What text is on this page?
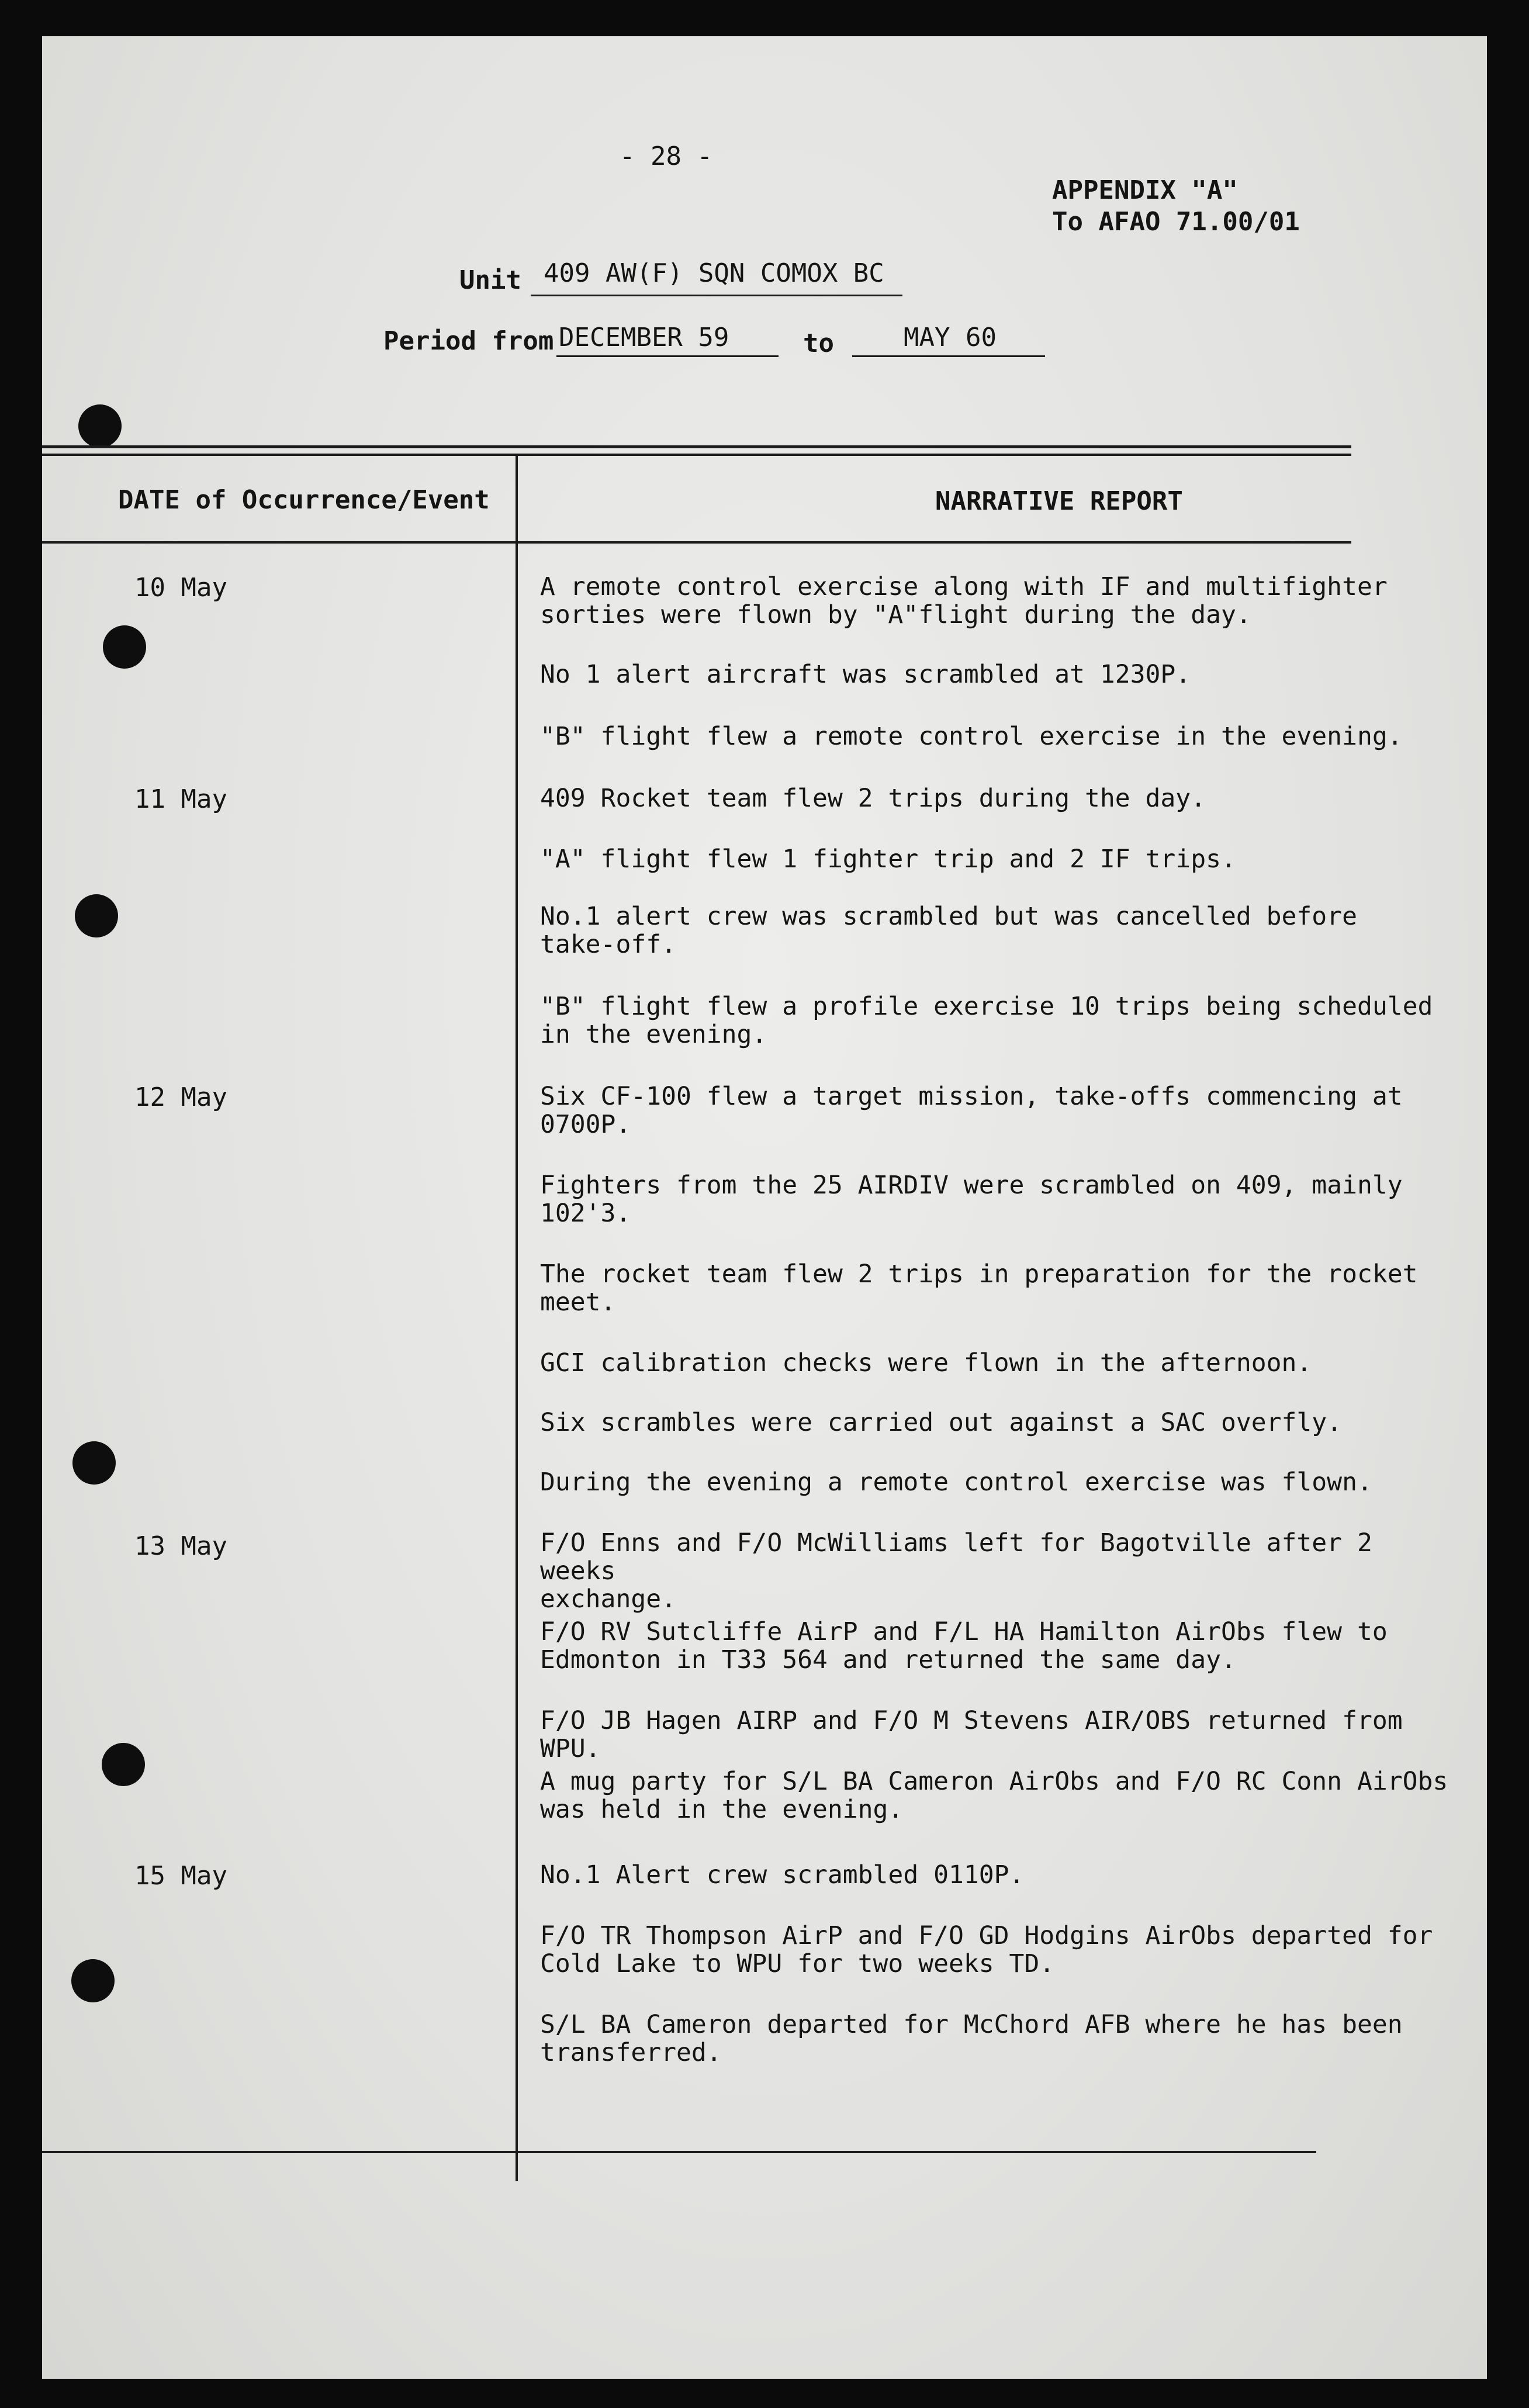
- 28 -
APPENDIX "A"
To AFAO 71.00/01
Unit 409 AW(F) SQN COMOX BC
Period from DECEMBER 59	to	MAY 60
DATE of Occurrence/Event	NARRATIVE REPORT
10 May	A remote control exercise along with IF and multifighter
sorties were flown by "A"flight during the day.
No 1 alert aircraft was scrambled at 1230P.
"B" flight flew a remote control exercise in the evening.
11 May	409 Rocket team flew 2 trips during the day.
"A" flight flew 1 fighter trip and 2 IF trips.
No.1 alert crew was scrambled but was cancelled before
take-off.
"B" flight flew a profile exercise 10 trips being scheduled
in the evening.
12 May	Six CF-100 flew a target mission, take-offs commencing at
0700P.
Fighters from the 25 AIRDIV were scrambled on 409, mainly
102'3.
The rocket team flew 2 trips in preparation for the rocket
meet.
GCI calibration checks were flown in the afternoon.
Six scrambles were carried out against a SAC overfly.
During the evening a remote control exercise was flown.
13 May	F/O Enns and F/O McWilliams left for Bagotville after 2 weeks
exchange.
F/O RV Sutcliffe AirP and F/L HA Hamilton AirObs flew to
Edmonton in T33 564 and returned the same day.
F/O JB Hagen AIRP and F/O M Stevens AIR/OBS returned from WPU.
A mug party for S/L BA Cameron AirObs and F/O RC Conn AirObs
was held in the evening.
15 May	No.1 Alert crew scrambled 0110P.
F/O TR Thompson AirP and F/O GD Hodgins AirObs departed for
Cold Lake to WPU for two weeks TD.
S/L BA Cameron departed for McChord AFB where he has been
transferred.
